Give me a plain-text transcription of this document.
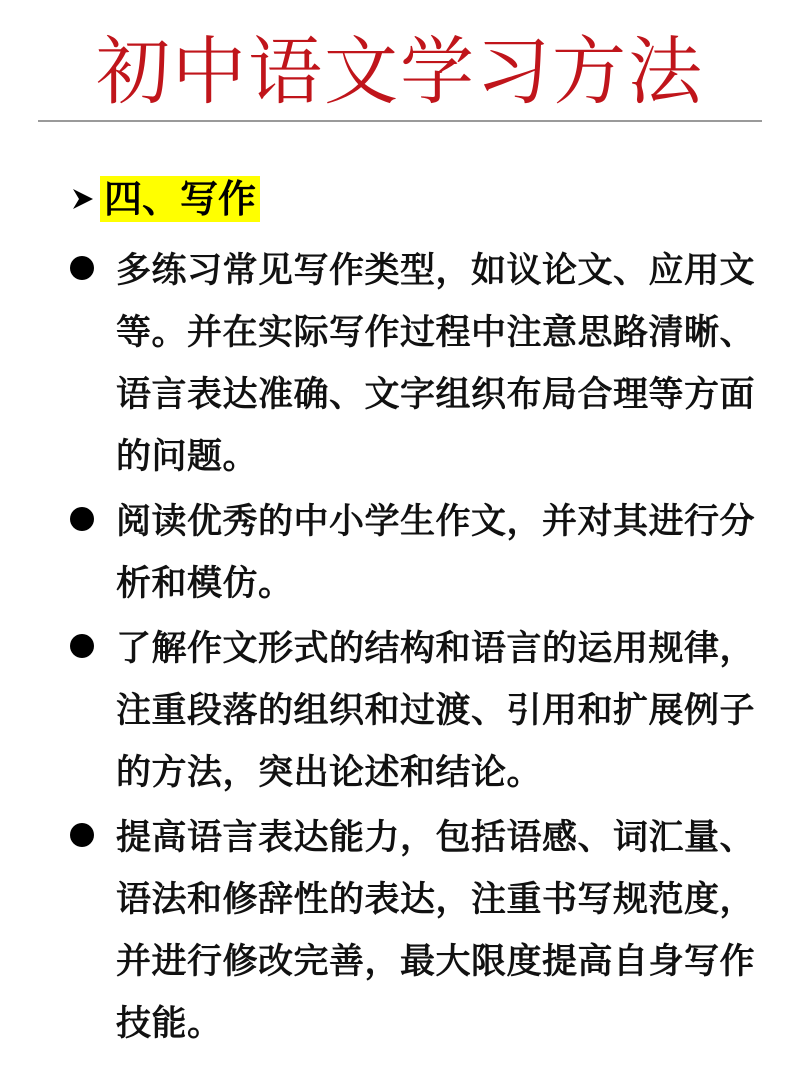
初中语文学习方法
四、写作
多练习常见写作类型，如议论文、应用文等。并在实际写作过程中注意思路清晰、语言表达准确、文字组织布局合理等方面的问题。
阅读优秀的中小学生作文，并对其进行分析和模仿。
了解作文形式的结构和语言的运用规律，注重段落的组织和过渡、引用和扩展例子的方法，突出论述和结论。
提高语言表达能力，包括语感、词汇量、语法和修辞性的表达，注重书写规范度，并进行修改完善，最大限度提高自身写作技能。
